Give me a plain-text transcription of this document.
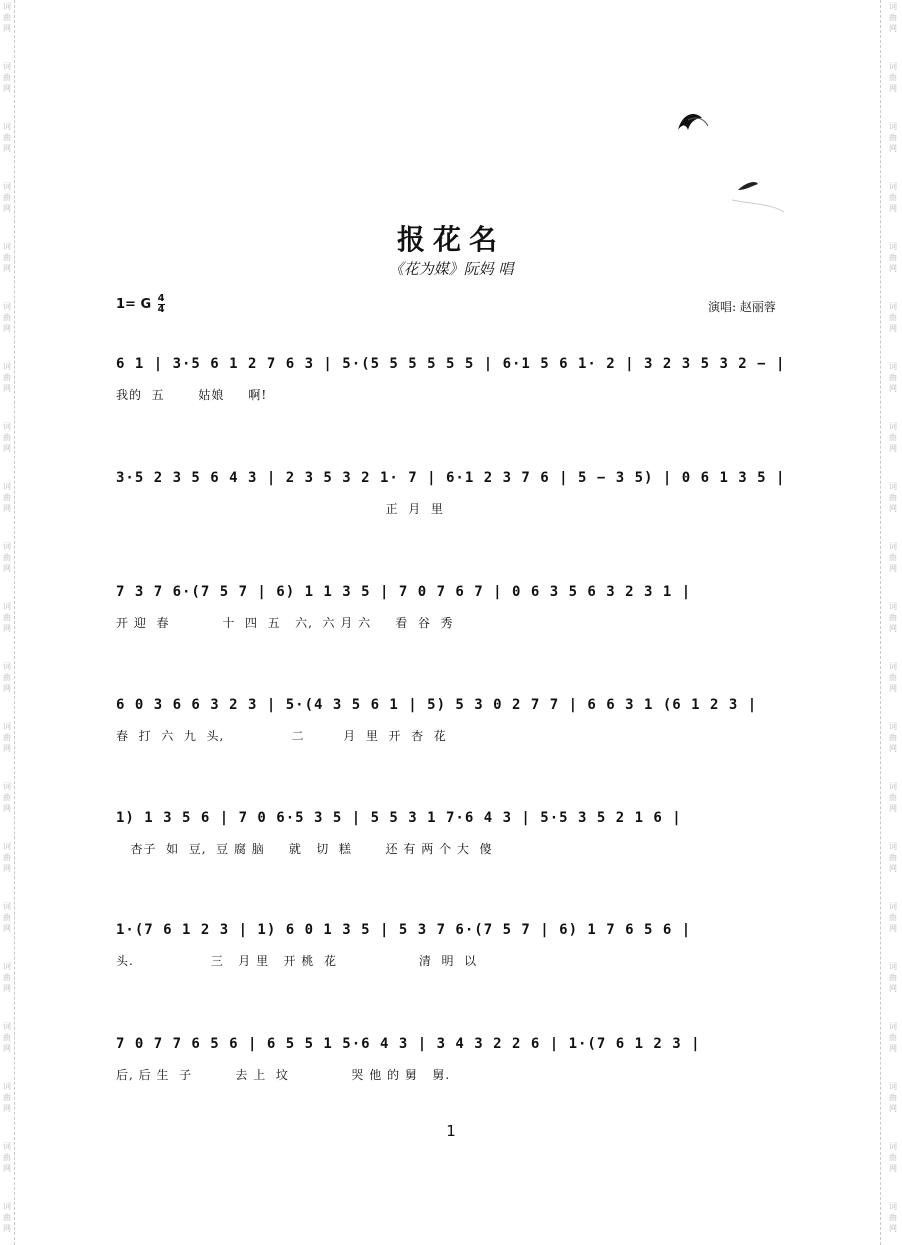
词
曲
网
词
曲
网
词
曲
网
词
曲
网
词
曲
网
词
曲
网
词
曲
网
词
曲
网
词
曲
网
词
曲
网
词
曲
网
词
曲
网
词
曲
网
词
曲
网
词
曲
网
词
曲
网
词
曲
网
词
曲
网
词
曲
网
词
曲
网
词
曲
网
词
曲
网
词
曲
网
词
曲
网
词
曲
网
词
曲
网
词
曲
网
词
曲
网
词
曲
网
词
曲
网
词
曲
网
词
曲
网
词
曲
网
词
曲
网
词
曲
网
词
曲
网
词
曲
网
词
曲
网
词
曲
网
词
曲
网
词
曲
网
词
曲
网
报花名
《花为媒》阮妈 唱
1= G $\frac{4}{4}$	演唱: 赵丽蓉
6 1 | 3·5 6 1 2 7 6 3 | 5·(5 5 5 5 5 5 | 6·1 5 6 1· 2 | 3 2 3 5 3 2 − |
我的  五       姑娘     啊!
3·5 2 3 5 6 4 3 | 2 3 5 3 2 1· 7 | 6·1 2 3 7 6 | 5 − 3 5) | 0 6 1 3 5 |
正  月  里
7 3 7 6·(7 5 7 | 6) 1 1 3 5 | 7 0 7 6 7 | 0 6 3 5 6 3 2 3 1 |
开 迎  春           十  四  五   六,  六 月 六     看  谷  秀
6 0 3 6 6 3 2 3 | 5·(4 3 5 6 1 | 5) 5 3 0 2 7 7 | 6 6 3 1 (6 1 2 3 |
春  打  六  九  头,              二        月  里  开  杏  花
1) 1 3 5 6 | 7 0 6·5 3 5 | 5 5 3 1 7·6 4 3 | 5·5 3 5 2 1 6 |
杏子  如  豆,  豆 腐 脑     就   切  糕       还 有 两 个 大  傻
1·(7 6 1 2 3 | 1) 6 0 1 3 5 | 5 3 7 6·(7 5 7 | 6) 1 7 6 5 6 |
头.                三   月 里   开 桃  花                 清  明  以
7 0 7 7 6 5 6 | 6 5 5 1 5·6 4 3 | 3 4 3 2 2 6 | 1·(7 6 1 2 3 |
后, 后 生  子         去 上  坟             哭 他 的 舅   舅.
1
